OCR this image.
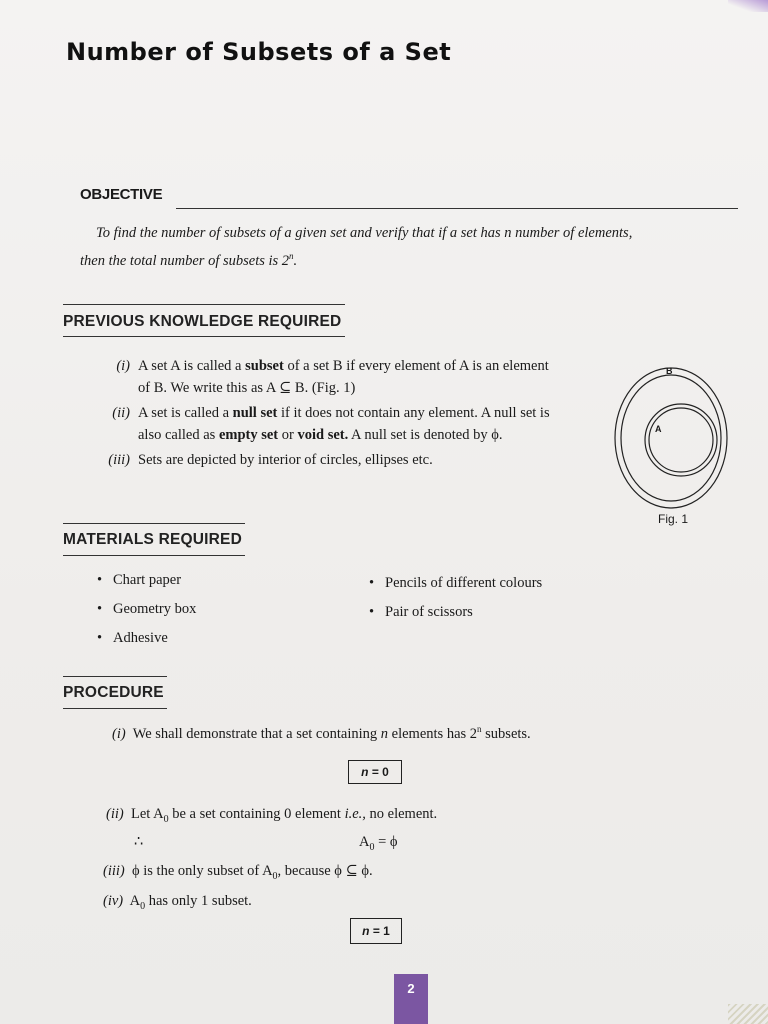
Number of Subsets of a Set
OBJECTIVE
To find the number of subsets of a given set and verify that if a set has n number of elements,
then the total number of subsets is 2$^n$.
PREVIOUS KNOWLEDGE REQUIRED
(i) A set A is called a subset of a set B if every element of A is an element of B. We write this as A ⊆ B. (Fig. 1)
(ii) A set is called a null set if it does not contain any element. A null set is also called as empty set or void set. A null set is denoted by ϕ.
(iii) Sets are depicted by interior of circles, ellipses etc.
B
A
Fig. 1
MATERIALS REQUIRED
• Chart paper
• Geometry box
• Adhesive
• Pencils of different colours
• Pair of scissors
PROCEDURE
(i) We shall demonstrate that a set containing n elements has 2$^n$ subsets.
n = 0
(ii) Let $A_0$ be a set containing 0 element i.e., no element.
∴	$A_0 = \phi$
(iii) ϕ is the only subset of $A_0$, because ϕ ⊆ ϕ.
(iv) $A_0$ has only 1 subset.
n = 1
2
